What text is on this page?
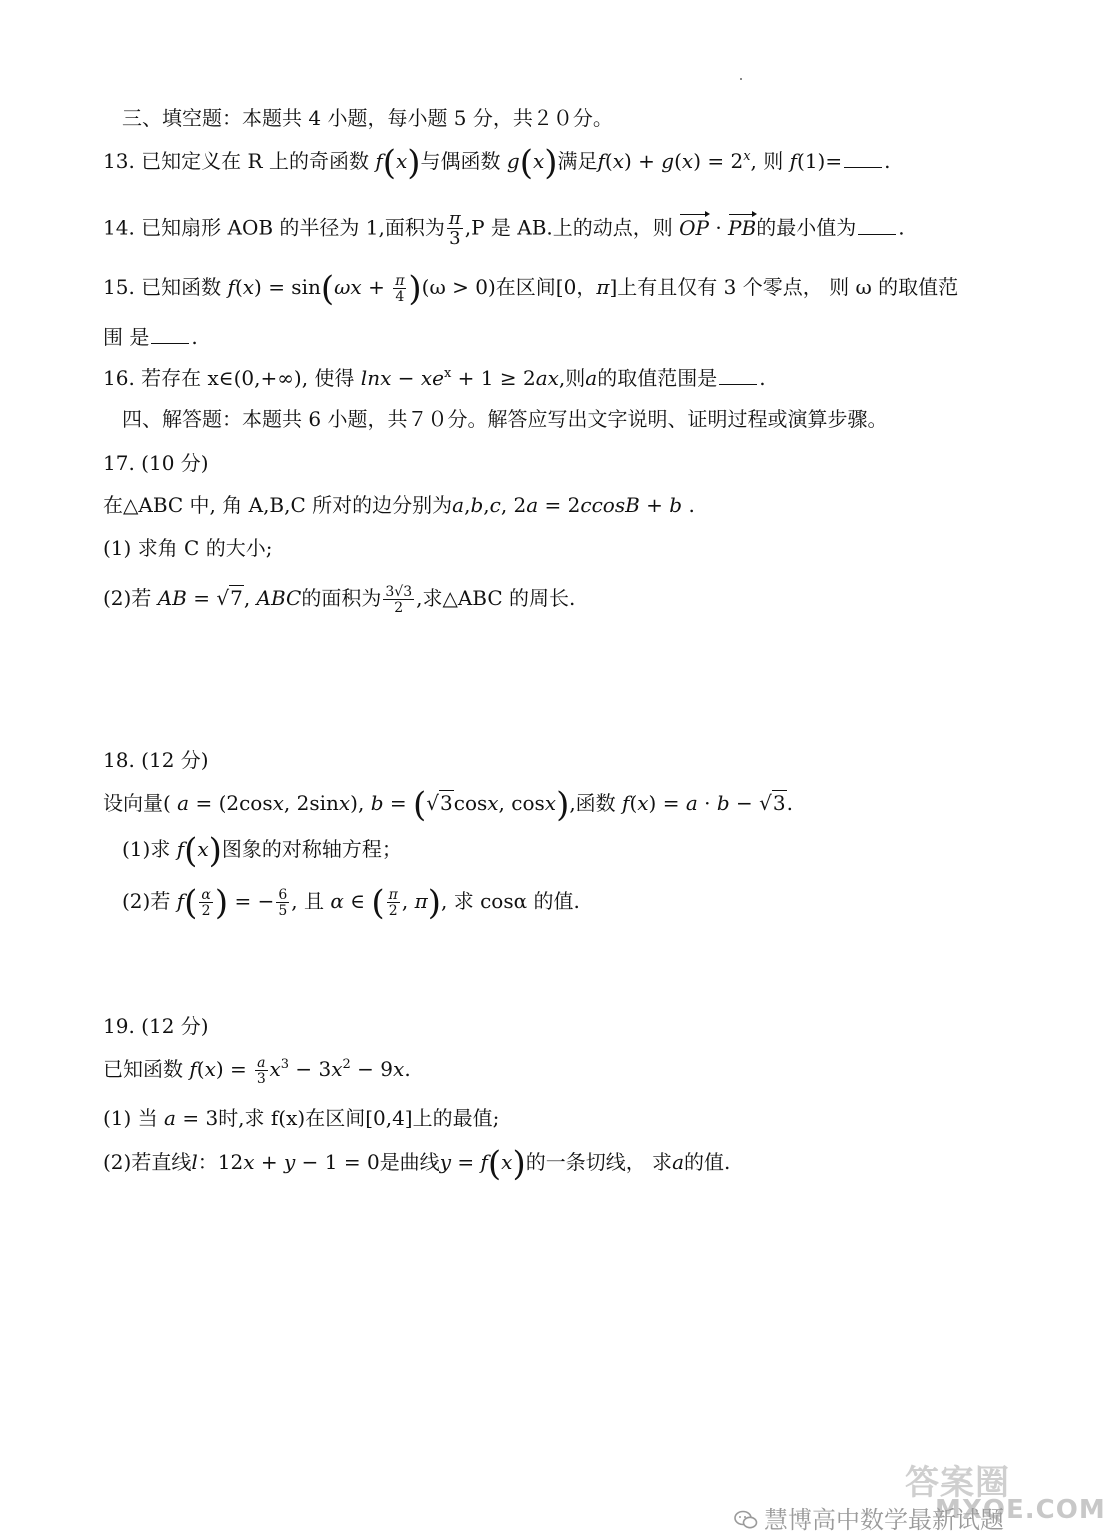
三、填空题：本题共 4 小题，每小题 5 分，共２０分。
13. 已知定义在 R 上的奇函数 f(x)与偶函数 g(x)满足$f(x) + g(x) = 2^x$, 则 f(1)= .
14. 已知扇形 AOB 的半径为 1,面积为 $\frac{\pi}{3} ,P$ 是 AB.上的动点，则 OP · PB的最小值为 .
15. 已知函数 $f(x) = \sin(\omega x + \frac{\pi}{4} )(\omega > 0)$在区间[0，π]上有且仅有 3 个零点， 则 ω 的取值范
围 是 .
16. 若存在 x∈(0,+∞), 使得 $\ln x - xe^x + 1 \ge 2ax$,则a的取值范围是 .
四、解答题：本题共 6 小题，共７０分。解答应写出文字说明、证明过程或演算步骤。
17. (10 分)
在△ABC 中, 角 A,B,C 所对的边分别为a,b,c, 2a = 2ccosB + b .
(1) 求角 C 的大小;
(2)若 AB = √7, ABC的面积为 $\frac{3√3}{2}$ ,求△ABC 的周长.
18. (12 分)
设向量( a = (2cosx, 2sinx), b = (√3cosx, cosx),函数 f(x) = a · b − √3.
(1)求 f(x)图象的对称轴方程；
(2)若 $f( \frac{\alpha}{2}$ ) = − $\frac{6}{5}$ , 且 α ∈ ( $\frac{\pi}{2}$ , π), 求 cosα 的值.
19. (12 分)
已知函数 $f(x) = \frac{a}{3} x^3 - 3x^2 - 9x$.
(1) 当 a = 3时,求 f(x)在区间[0,4]上的最值;
(2)若直线l：12x + y − 1 = 0是曲线y = f(x)的一条切线， 求a的值.
答案圈
MXQE.COM
慧博高中数学最新试题
